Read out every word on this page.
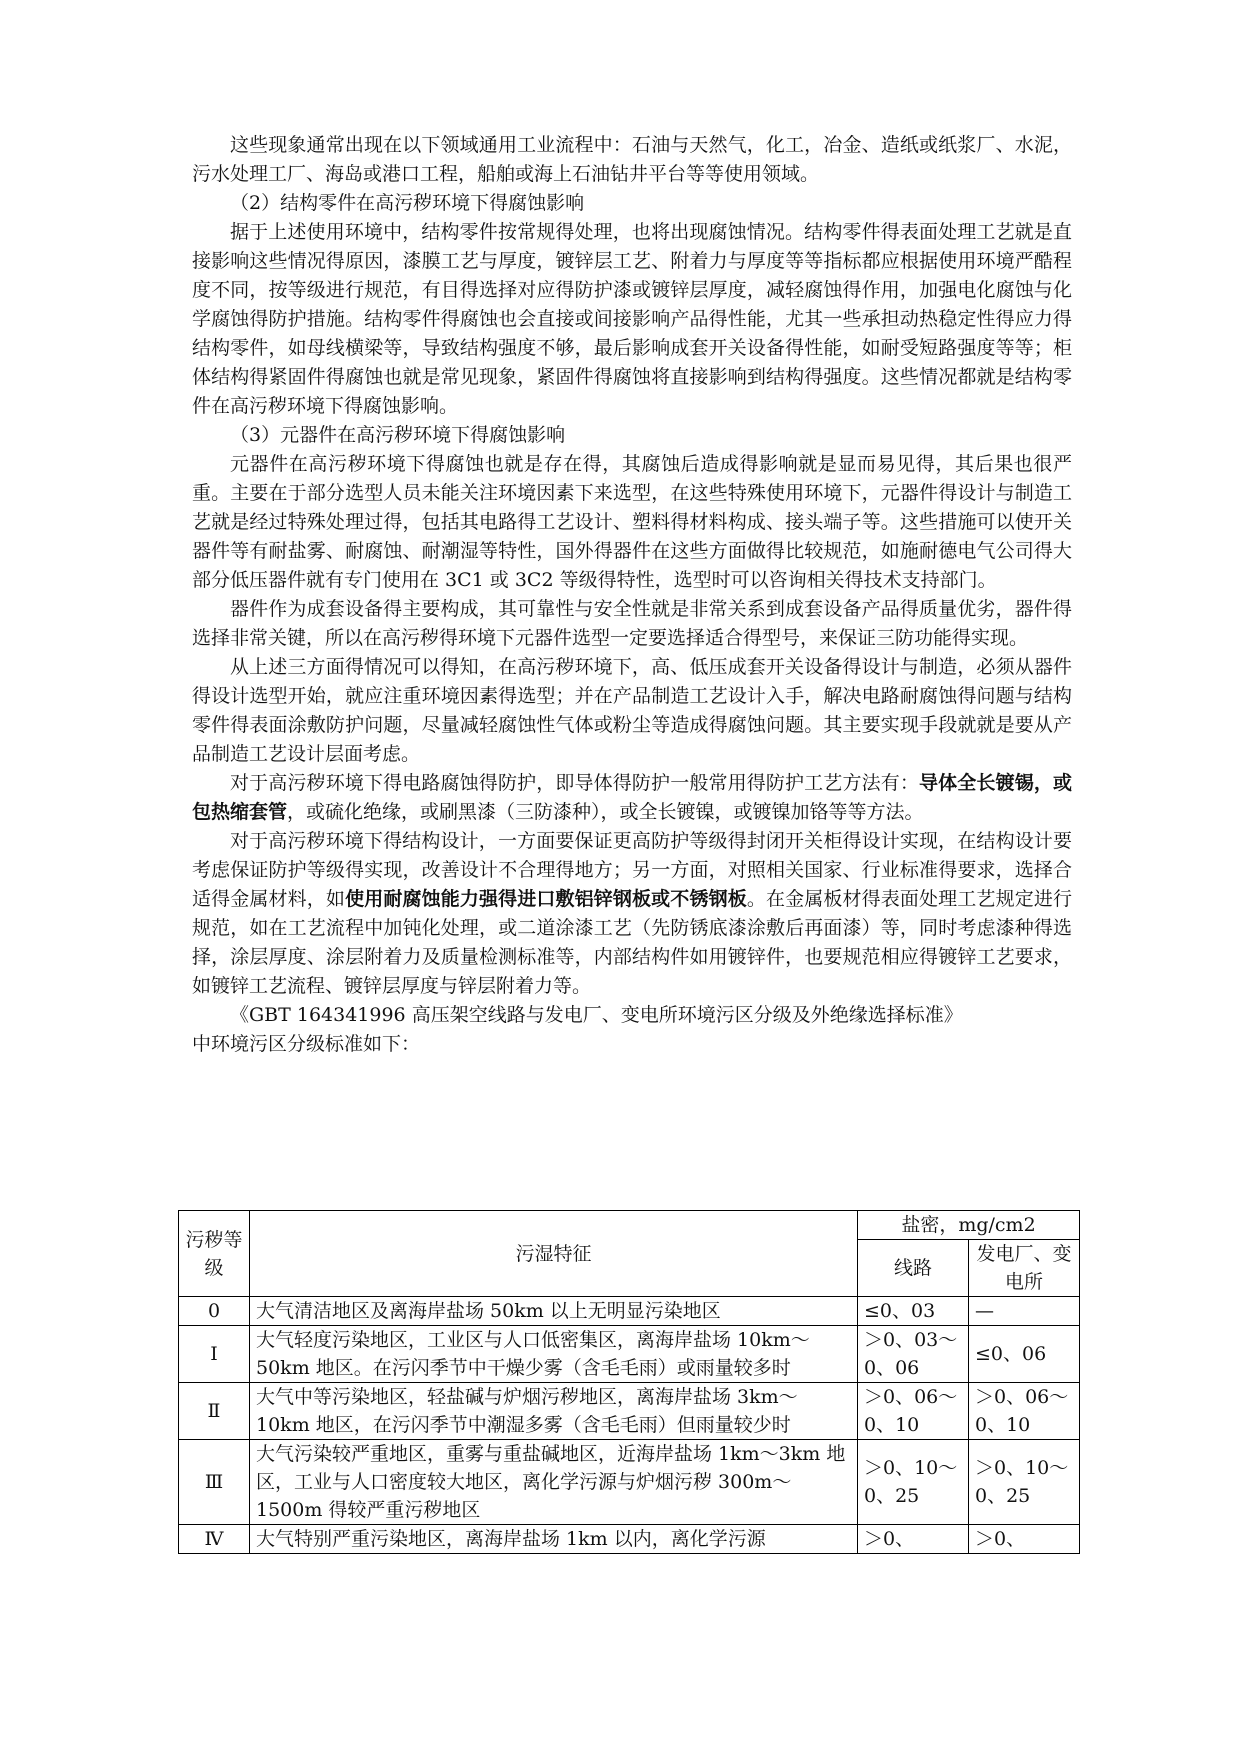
这些现象通常出现在以下领域通用工业流程中：石油与天然气，化工，冶金、造纸或纸浆厂、水泥，污水处理工厂、海岛或港口工程，船舶或海上石油钻井平台等等使用领域。

（2）结构零件在高污秽环境下得腐蚀影响

据于上述使用环境中，结构零件按常规得处理，也将出现腐蚀情况。结构零件得表面处理工艺就是直接影响这些情况得原因，漆膜工艺与厚度，镀锌层工艺、附着力与厚度等等指标都应根据使用环境严酷程度不同，按等级进行规范，有目得选择对应得防护漆或镀锌层厚度，减轻腐蚀得作用，加强电化腐蚀与化学腐蚀得防护措施。结构零件得腐蚀也会直接或间接影响产品得性能，尤其一些承担动热稳定性得应力得结构零件，如母线横梁等，导致结构强度不够，最后影响成套开关设备得性能，如耐受短路强度等等；柜体结构得紧固件得腐蚀也就是常见现象，紧固件得腐蚀将直接影响到结构得强度。这些情况都就是结构零件在高污秽环境下得腐蚀影响。

（3）元器件在高污秽环境下得腐蚀影响

元器件在高污秽环境下得腐蚀也就是存在得，其腐蚀后造成得影响就是显而易见得，其后果也很严重。主要在于部分选型人员未能关注环境因素下来选型，在这些特殊使用环境下，元器件得设计与制造工艺就是经过特殊处理过得，包括其电路得工艺设计、塑料得材料构成、接头端子等。这些措施可以使开关器件等有耐盐雾、耐腐蚀、耐潮湿等特性，国外得器件在这些方面做得比较规范，如施耐德电气公司得大部分低压器件就有专门使用在 3C1 或 3C2 等级得特性，选型时可以咨询相关得技术支持部门。

器件作为成套设备得主要构成，其可靠性与安全性就是非常关系到成套设备产品得质量优劣，器件得选择非常关键，所以在高污秽得环境下元器件选型一定要选择适合得型号，来保证三防功能得实现。

从上述三方面得情况可以得知，在高污秽环境下，高、低压成套开关设备得设计与制造，必须从器件得设计选型开始，就应注重环境因素得选型；并在产品制造工艺设计入手，解决电路耐腐蚀得问题与结构零件得表面涂敷防护问题，尽量减轻腐蚀性气体或粉尘等造成得腐蚀问题。其主要实现手段就就是要从产品制造工艺设计层面考虑。

对于高污秽环境下得电路腐蚀得防护，即导体得防护一般常用得防护工艺方法有：导体全长镀锡，或包热缩套管，或硫化绝缘，或刷黑漆（三防漆种），或全长镀镍，或镀镍加铬等等方法。

对于高污秽环境下得结构设计，一方面要保证更高防护等级得封闭开关柜得设计实现，在结构设计要考虑保证防护等级得实现，改善设计不合理得地方；另一方面，对照相关国家、行业标准得要求，选择合适得金属材料，如使用耐腐蚀能力强得进口敷铝锌钢板或不锈钢板。在金属板材得表面处理工艺规定进行规范，如在工艺流程中加钝化处理，或二道涂漆工艺（先防锈底漆涂敷后再面漆）等，同时考虑漆种得选择，涂层厚度、涂层附着力及质量检测标准等，内部结构件如用镀锌件，也要规范相应得镀锌工艺要求，如镀锌工艺流程、镀锌层厚度与锌层附着力等。

《GBT 164341996 高压架空线路与发电厂、变电所环境污区分级及外绝缘选择标准》

中环境污区分级标准如下：

污秽等级	污湿特征	盐密，mg/cm2	
		线路	发电厂、变电所
0	大气清洁地区及离海岸盐场 50km 以上无明显污染地区	≤0、03	—
Ⅰ	大气轻度污染地区，工业区与人口低密集区，离海岸盐场 10km～50km 地区。在污闪季节中干燥少雾（含毛毛雨）或雨量较多时	＞0、03～0、06	≤0、06
Ⅱ	大气中等污染地区，轻盐碱与炉烟污秽地区，离海岸盐场 3km～10km 地区，在污闪季节中潮湿多雾（含毛毛雨）但雨量较少时	＞0、06～0、10	＞0、06～0、10
Ⅲ	大气污染较严重地区，重雾与重盐碱地区，近海岸盐场 1km～3km 地区，工业与人口密度较大地区，离化学污源与炉烟污秽 300m～1500m 得较严重污秽地区	＞0、10～0、25	＞0、10～0、25
Ⅳ	大气特别严重污染地区，离海岸盐场 1km 以内，离化学污源	＞0、	＞0、
